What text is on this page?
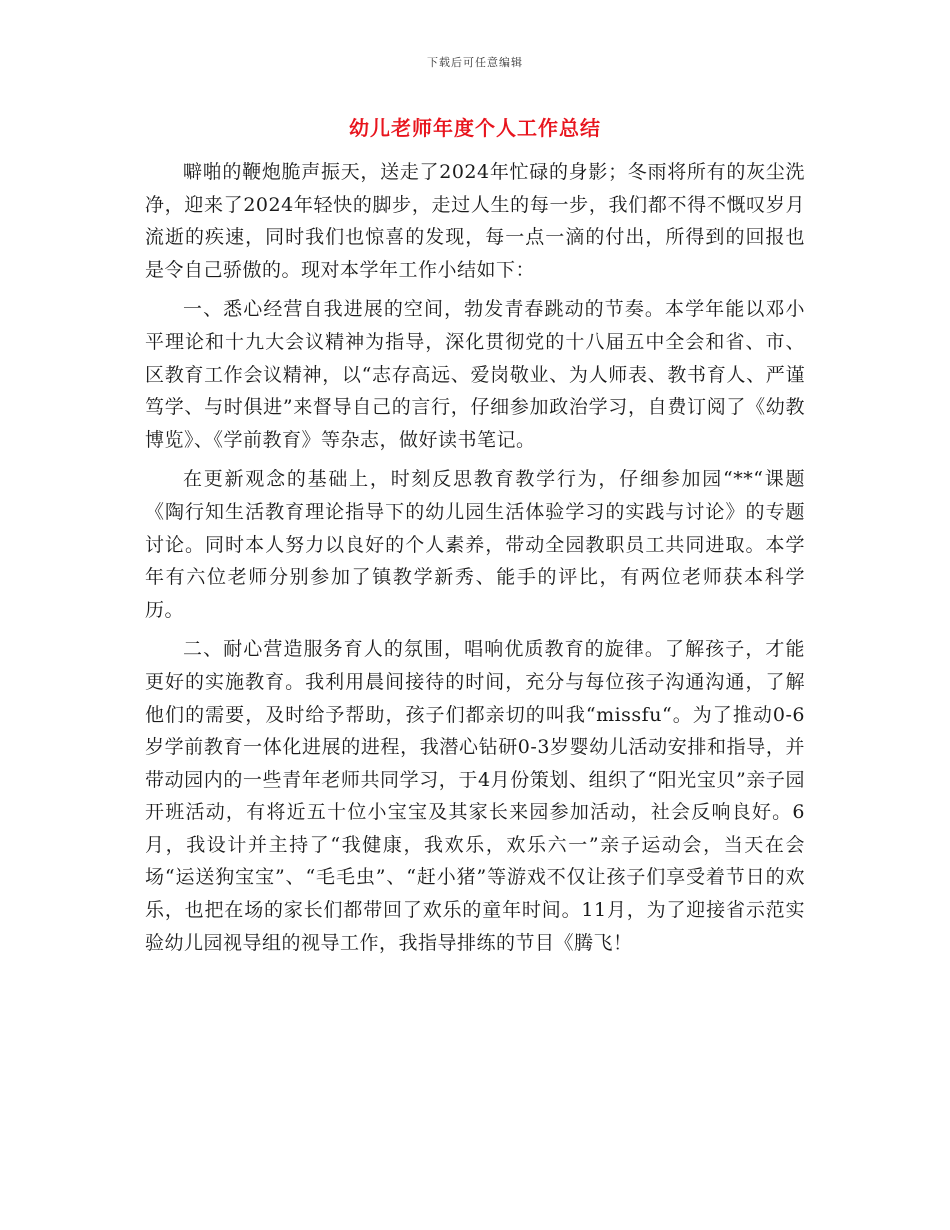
下载后可任意编辑
幼儿老师年度个人工作总结

噼啪的鞭炮脆声振天，送走了2024年忙碌的身影；冬雨将所有的灰尘洗净，迎来了2024年轻快的脚步，走过人生的每一步，我们都不得不慨叹岁月流逝的疾速，同时我们也惊喜的发现，每一点一滴的付出，所得到的回报也是令自己骄傲的。现对本学年工作小结如下：

一、悉心经营自我进展的空间，勃发青春跳动的节奏。本学年能以邓小平理论和十九大会议精神为指导，深化贯彻党的十八届五中全会和省、市、区教育工作会议精神，以“志存高远、爱岗敬业、为人师表、教书育人、严谨笃学、与时俱进”来督导自己的言行，仔细参加政治学习，自费订阅了《幼教博览》、《学前教育》等杂志，做好读书笔记。

在更新观念的基础上，时刻反思教育教学行为，仔细参加园“**“课题《陶行知生活教育理论指导下的幼儿园生活体验学习的实践与讨论》的专题讨论。同时本人努力以良好的个人素养，带动全园教职员工共同进取。本学年有六位老师分别参加了镇教学新秀、能手的评比，有两位老师获本科学历。

二、耐心营造服务育人的氛围，唱响优质教育的旋律。了解孩子，才能更好的实施教育。我利用晨间接待的时间，充分与每位孩子沟通沟通，了解他们的需要，及时给予帮助，孩子们都亲切的叫我“missfu“。为了推动0-6岁学前教育一体化进展的进程，我潜心钻研0-3岁婴幼儿活动安排和指导，并带动园内的一些青年老师共同学习，于4月份策划、组织了“阳光宝贝”亲子园开班活动，有将近五十位小宝宝及其家长来园参加活动，社会反响良好。6月，我设计并主持了“我健康，我欢乐，欢乐六一”亲子运动会，当天在会场“运送狗宝宝”、“毛毛虫”、“赶小猪”等游戏不仅让孩子们享受着节日的欢乐，也把在场的家长们都带回了欢乐的童年时间。11月，为了迎接省示范实验幼儿园视导组的视导工作，我指导排练的节目《腾飞！
